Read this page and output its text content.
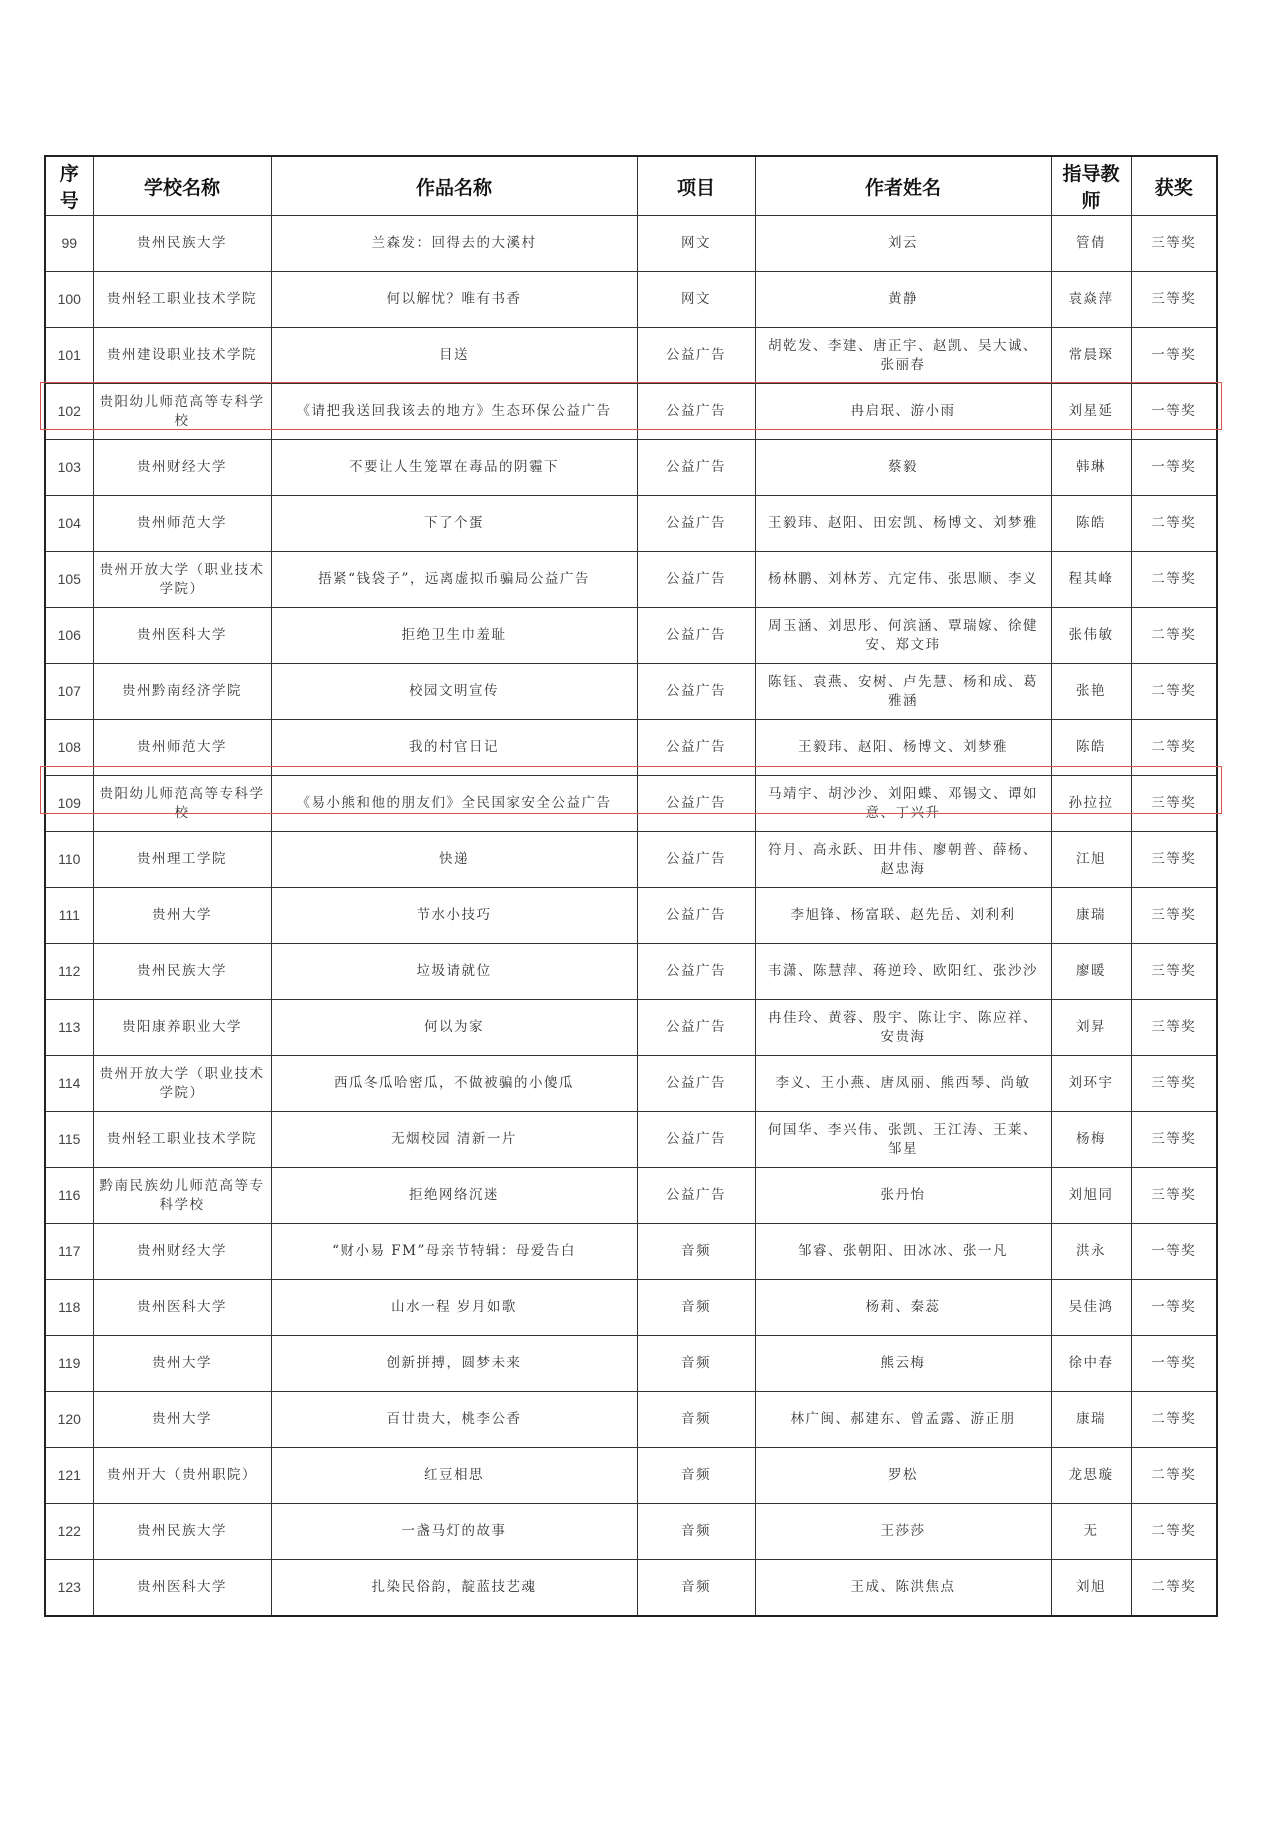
序号	学校名称	作品名称	项目	作者姓名	指导教师	获奖
99	贵州民族大学	兰森发：回得去的大溪村	网文	刘云	管倩	三等奖
100	贵州轻工职业技术学院	何以解忧？唯有书香	网文	黄静	袁焱萍	三等奖
101	贵州建设职业技术学院	目送	公益广告	胡乾发、李建、唐正宇、赵凯、吴大诚、张丽春	常晨琛	一等奖
102	贵阳幼儿师范高等专科学校	《请把我送回我该去的地方》生态环保公益广告	公益广告	冉启珉、游小雨	刘星延	一等奖
103	贵州财经大学	不要让人生笼罩在毒品的阴霾下	公益广告	蔡毅	韩琳	一等奖
104	贵州师范大学	下了个蛋	公益广告	王毅玮、赵阳、田宏凯、杨博文、刘梦雅	陈皓	二等奖
105	贵州开放大学（职业技术学院）	捂紧“钱袋子”，远离虚拟币骗局公益广告	公益广告	杨林鹏、刘林芳、亢定伟、张思顺、李义	程其峰	二等奖
106	贵州医科大学	拒绝卫生巾羞耻	公益广告	周玉涵、刘思彤、何滨涵、覃瑞嫁、徐健安、郑文玮	张伟敏	二等奖
107	贵州黔南经济学院	校园文明宣传	公益广告	陈钰、袁燕、安树、卢先慧、杨和成、葛雅涵	张艳	二等奖
108	贵州师范大学	我的村官日记	公益广告	王毅玮、赵阳、杨博文、刘梦雅	陈皓	二等奖
109	贵阳幼儿师范高等专科学校	《易小熊和他的朋友们》全民国家安全公益广告	公益广告	马靖宇、胡沙沙、刘阳蝶、邓锡文、谭如意、丁兴升	孙拉拉	三等奖
110	贵州理工学院	快递	公益广告	符月、高永跃、田井伟、廖朝普、薛杨、赵忠海	江旭	三等奖
111	贵州大学	节水小技巧	公益广告	李旭锋、杨富联、赵先岳、刘利利	康瑞	三等奖
112	贵州民族大学	垃圾请就位	公益广告	韦潇、陈慧萍、蒋逆玲、欧阳红、张沙沙	廖暖	三等奖
113	贵阳康养职业大学	何以为家	公益广告	冉佳玲、黄蓉、殷宇、陈让宇、陈应祥、安贵海	刘昇	三等奖
114	贵州开放大学（职业技术学院）	西瓜冬瓜哈密瓜，不做被骗的小傻瓜	公益广告	李义、王小燕、唐凤丽、熊西琴、尚敏	刘环宇	三等奖
115	贵州轻工职业技术学院	无烟校园 清新一片	公益广告	何国华、李兴伟、张凯、王江涛、王莱、邹星	杨梅	三等奖
116	黔南民族幼儿师范高等专科学校	拒绝网络沉迷	公益广告	张丹怡	刘旭同	三等奖
117	贵州财经大学	“财小易 FM”母亲节特辑：母爱告白	音频	邹睿、张朝阳、田冰冰、张一凡	洪永	一等奖
118	贵州医科大学	山水一程 岁月如歌	音频	杨莉、秦蕊	吴佳鸿	一等奖
119	贵州大学	创新拼搏，圆梦未来	音频	熊云梅	徐中春	一等奖
120	贵州大学	百廿贵大，桃李公香	音频	林广闽、郝建东、曾孟露、游正朋	康瑞	二等奖
121	贵州开大（贵州职院）	红豆相思	音频	罗松	龙思璇	二等奖
122	贵州民族大学	一盏马灯的故事	音频	王莎莎	无	二等奖
123	贵州医科大学	扎染民俗韵，靛蓝技艺魂	音频	王成、陈洪焦点	刘旭	二等奖
